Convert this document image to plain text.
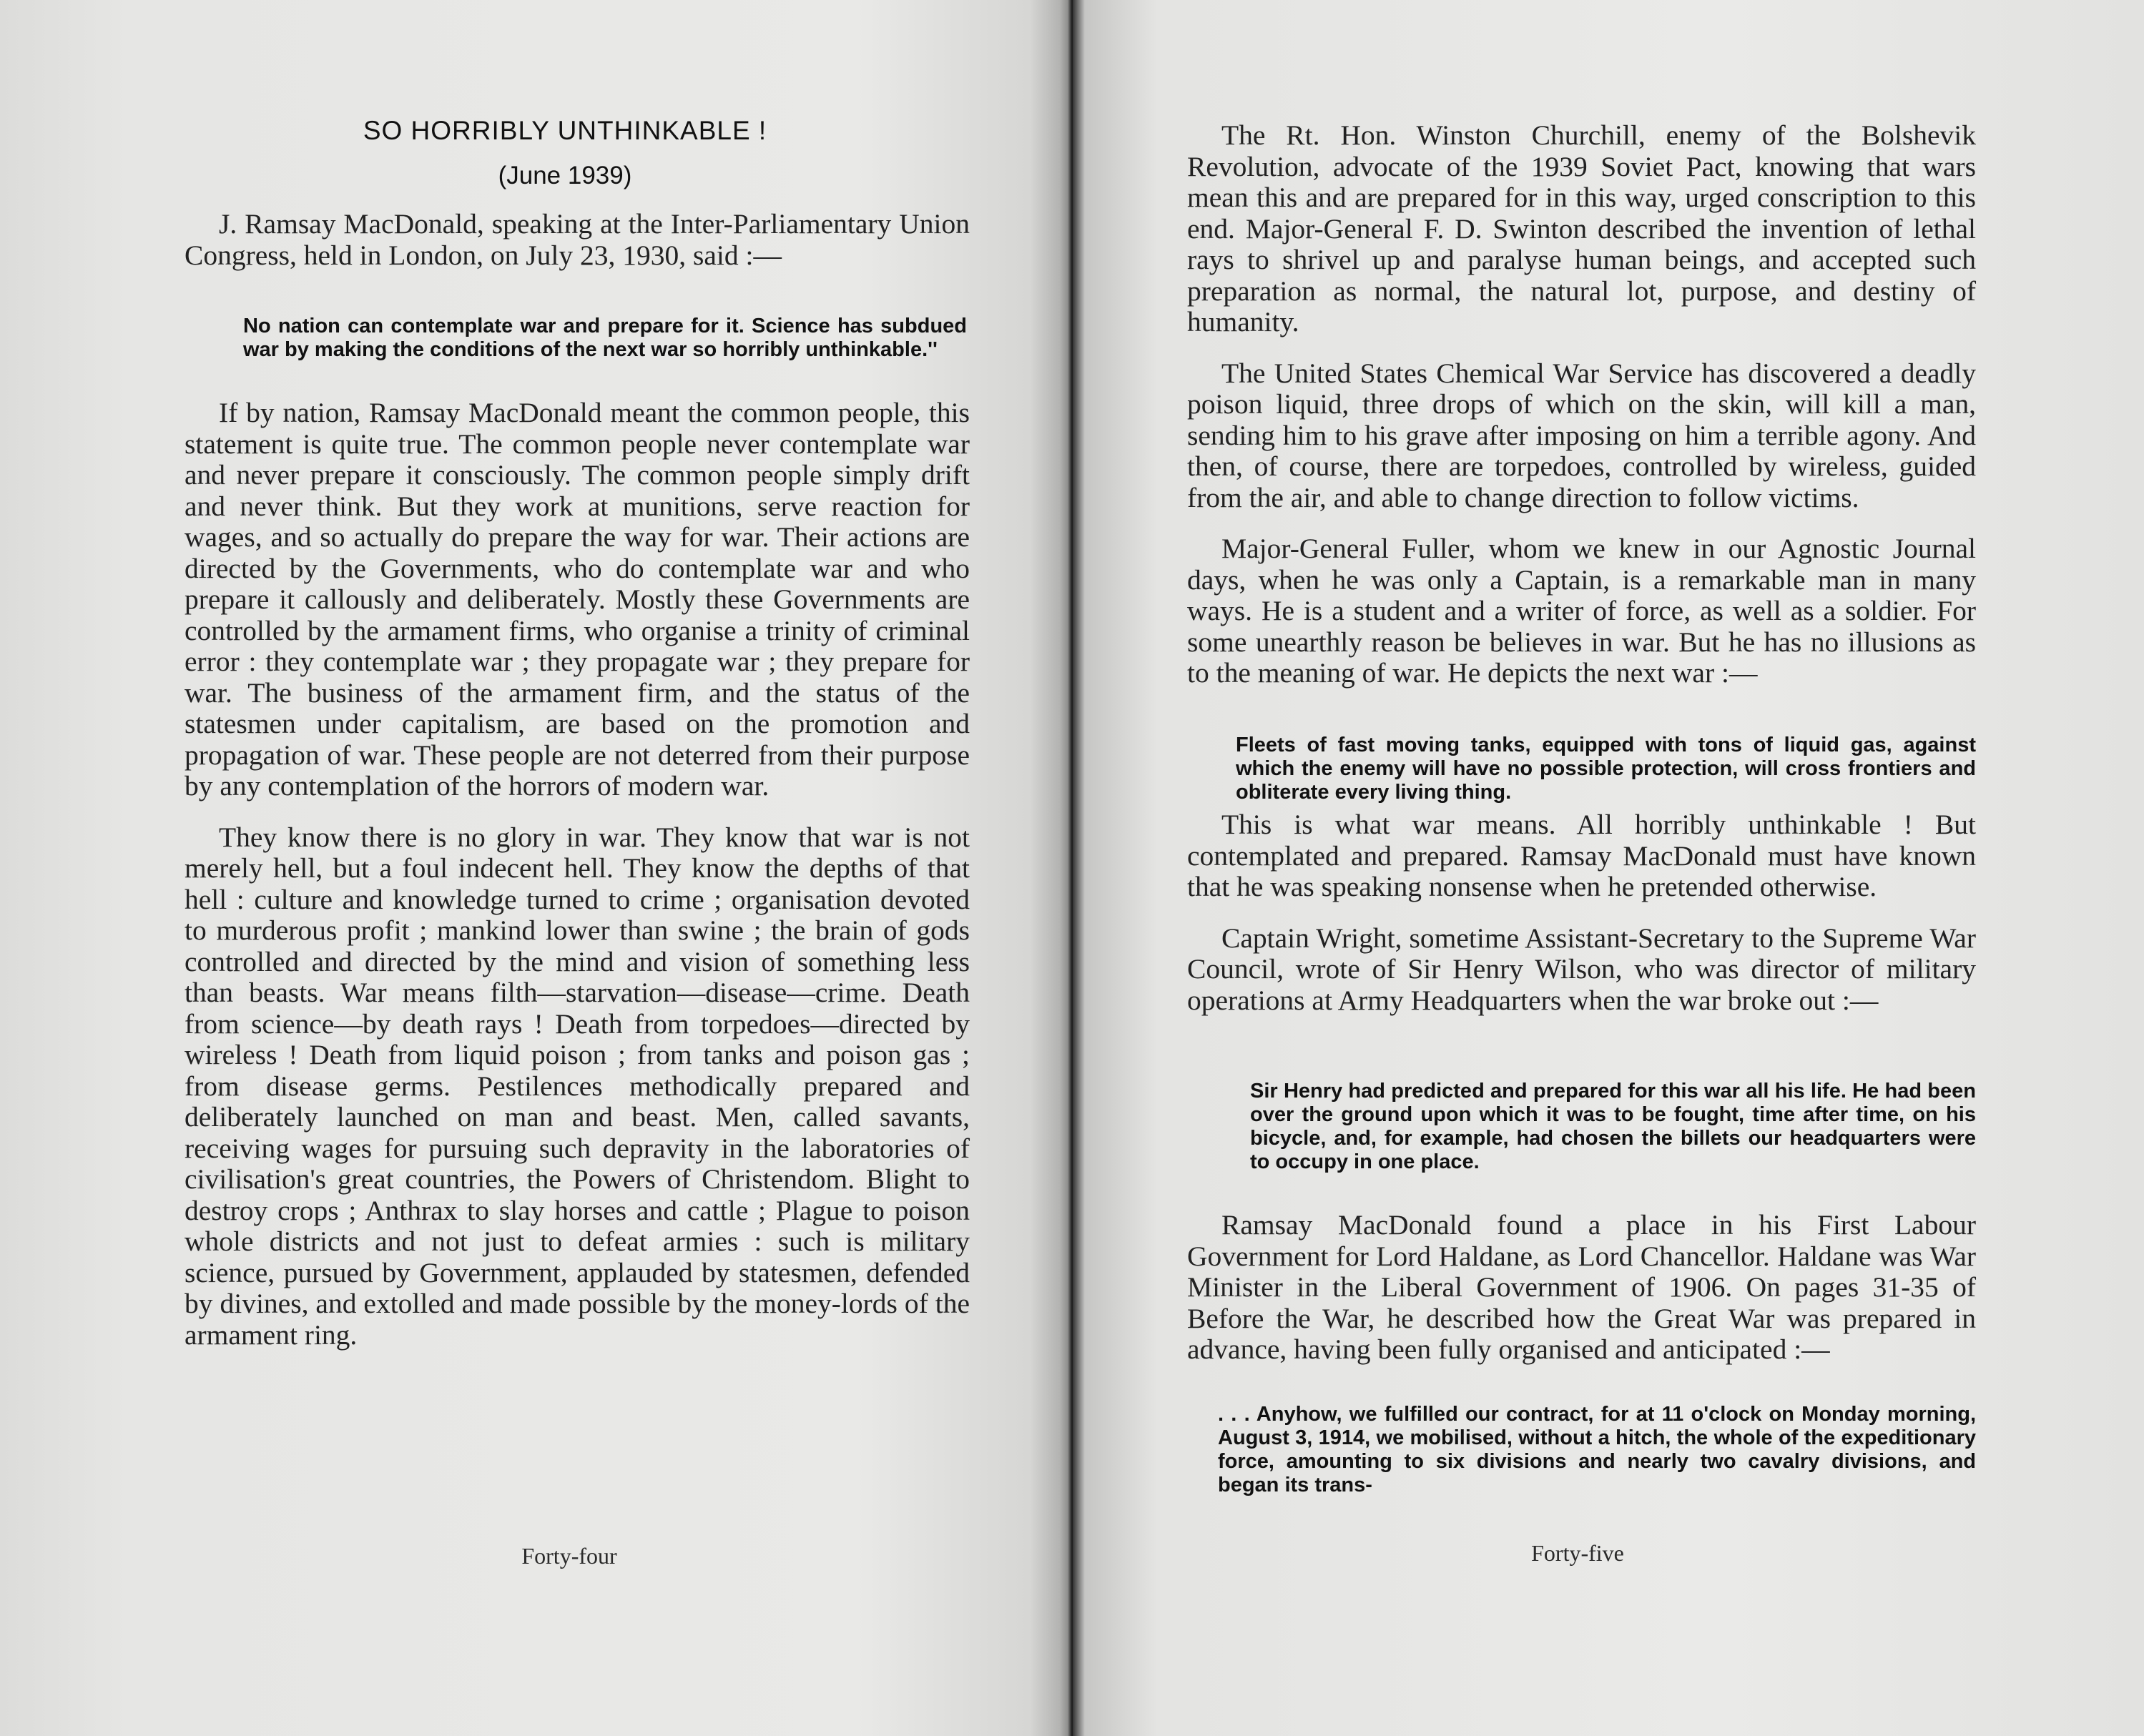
SO HORRIBLY UNTHINKABLE !
(June 1939)

J. Ramsay MacDonald, speaking at the Inter-Parliamentary Union Congress, held in London, on July 23, 1930, said :—

No nation can contemplate war and prepare for it. Science has subdued war by making the conditions of the next war so horribly unthinkable.''

If by nation, Ramsay MacDonald meant the common people, this statement is quite true. The common people never contemplate war and never prepare it consciously. The common people simply drift and never think. But they work at munitions, serve reaction for wages, and so actually do prepare the way for war. Their actions are directed by the Governments, who do contemplate war and who prepare it callously and deliberately. Mostly these Governments are controlled by the armament firms, who organise a trinity of criminal error : they contemplate war ; they propagate war ; they prepare for war. The business of the armament firm, and the status of the statesmen under capitalism, are based on the promotion and propagation of war. These people are not deterred from their purpose by any contemplation of the horrors of modern war.

They know there is no glory in war. They know that war is not merely hell, but a foul indecent hell. They know the depths of that hell : culture and knowledge turned to crime ; organisation devoted to murderous profit ; mankind lower than swine ; the brain of gods controlled and directed by the mind and vision of something less than beasts. War means filth—starvation—disease—crime. Death from science—by death rays ! Death from torpedoes—directed by wireless ! Death from liquid poison ; from tanks and poison gas ; from disease germs. Pestilences methodically prepared and deliberately launched on man and beast. Men, called savants, receiving wages for pursuing such depravity in the laboratories of civilisation's great countries, the Powers of Christendom. Blight to destroy crops ; Anthrax to slay horses and cattle ; Plague to poison whole districts and not just to defeat armies : such is military science, pursued by Government, applauded by statesmen, defended by divines, and extolled and made possible by the money-lords of the armament ring.

Forty-four

The Rt. Hon. Winston Churchill, enemy of the Bolshevik Revolution, advocate of the 1939 Soviet Pact, knowing that wars mean this and are prepared for in this way, urged conscription to this end. Major-General F. D. Swinton described the invention of lethal rays to shrivel up and paralyse human beings, and accepted such preparation as normal, the natural lot, purpose, and destiny of humanity.

The United States Chemical War Service has discovered a deadly poison liquid, three drops of which on the skin, will kill a man, sending him to his grave after imposing on him a terrible agony. And then, of course, there are torpedoes, controlled by wireless, guided from the air, and able to change direction to follow victims.

Major-General Fuller, whom we knew in our Agnostic Journal days, when he was only a Captain, is a remarkable man in many ways. He is a student and a writer of force, as well as a soldier. For some unearthly reason be believes in war. But he has no illusions as to the meaning of war. He depicts the next war :—

Fleets of fast moving tanks, equipped with tons of liquid gas, against which the enemy will have no possible protection, will cross frontiers and obliterate every living thing.

This is what war means. All horribly unthinkable ! But contemplated and prepared. Ramsay MacDonald must have known that he was speaking nonsense when he pretended otherwise.

Captain Wright, sometime Assistant-Secretary to the Supreme War Council, wrote of Sir Henry Wilson, who was director of military operations at Army Headquarters when the war broke out :—

Sir Henry had predicted and prepared for this war all his life. He had been over the ground upon which it was to be fought, time after time, on his bicycle, and, for example, had chosen the billets our headquarters were to occupy in one place.

Ramsay MacDonald found a place in his First Labour Government for Lord Haldane, as Lord Chancellor. Haldane was War Minister in the Liberal Government of 1906. On pages 31-35 of Before the War, he described how the Great War was prepared in advance, having been fully organised and anticipated :—

. . . Anyhow, we fulfilled our contract, for at 11 o'clock on Monday morning, August 3, 1914, we mobilised, without a hitch, the whole of the expeditionary force, amounting to six divisions and nearly two cavalry divisions, and began its trans-
Forty-five
